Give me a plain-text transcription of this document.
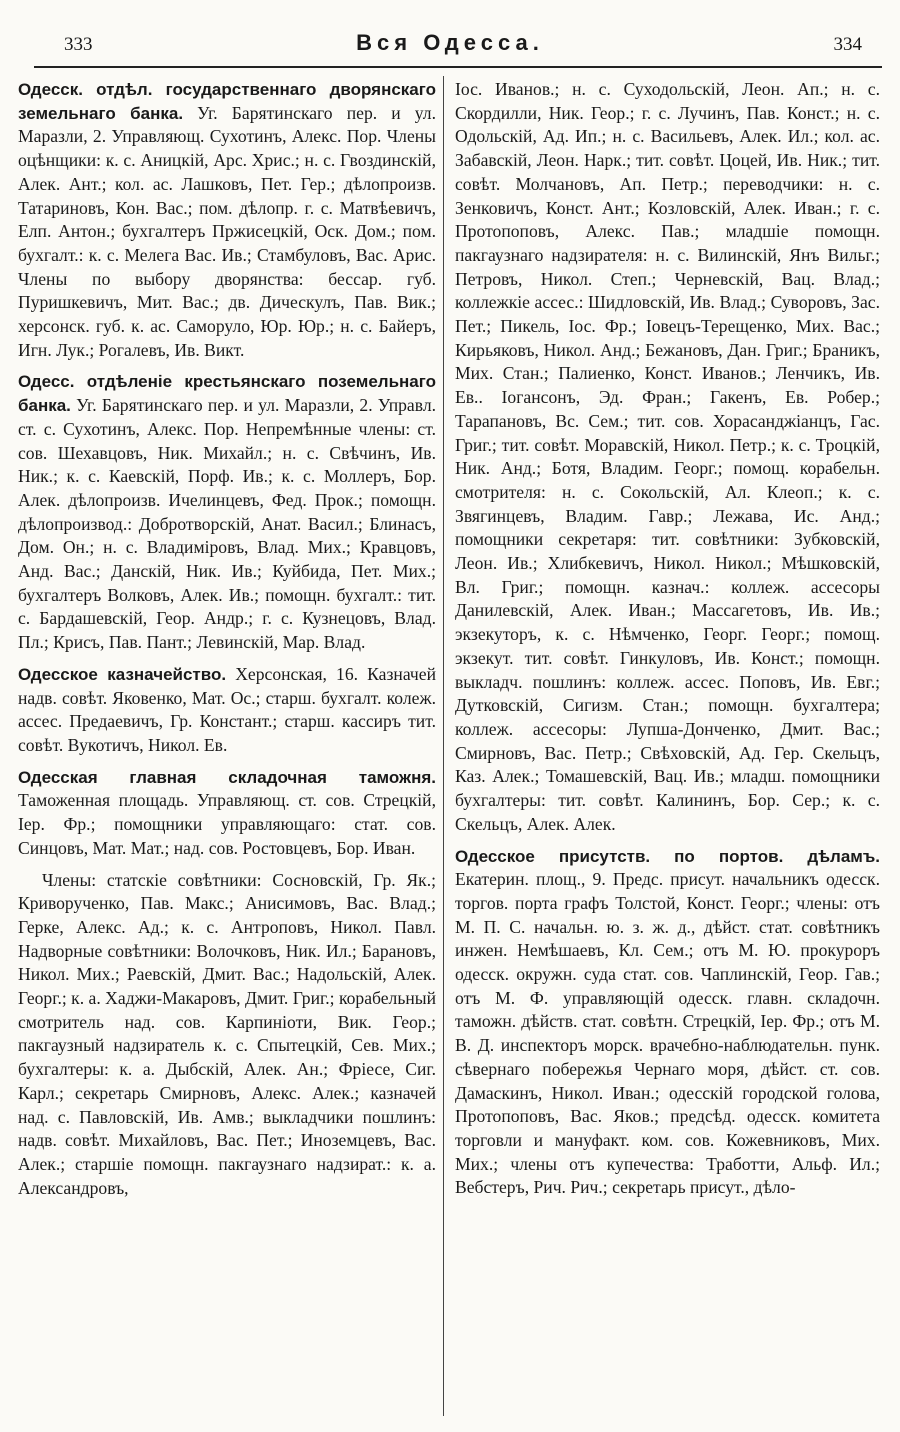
333	Вся Одесса.	334

Одесск. отдѣл. государственнаго дворянскаго земельнаго банка. Уг. Барятинскаго пер. и ул. Маразли, 2. Управляющ. Сухотинъ, Алекс. Пор. Члены оцѣнщики: к. с. Аницкій, Арс. Хрис.; н. с. Гвоздинскій, Алек. Ант.; кол. ас. Лашковъ, Пет. Гер.; дѣлопроизв. Татариновъ, Кон. Вас.; пом. дѣлопр. г. с. Матвѣевичъ, Елп. Антон.; бухгалтеръ Пржисецкій, Оск. Дом.; пом. бухгалт.: к. с. Мелега Вас. Ив.; Стамбуловъ, Вас. Арис. Члены по выбору дворянства: бессар. губ. Пуришкевичъ, Мит. Вас.; дв. Дическулъ, Пав. Вик.; херсонск. губ. к. ас. Саморуло, Юр. Юр.; н. с. Байеръ, Игн. Лук.; Рогалевъ, Ив. Викт.

Одесс. отдѣленіе крестьянскаго поземельнаго банка. Уг. Барятинскаго пер. и ул. Маразли, 2. Управл. ст. с. Сухотинъ, Алекс. Пор. Непремѣнные члены: ст. сов. Шехавцовъ, Ник. Михайл.; н. с. Свѣчинъ, Ив. Ник.; к. с. Каевскій, Порф. Ив.; к. с. Моллеръ, Бор. Алек. дѣлопроизв. Ичелинцевъ, Фед. Прок.; помощн. дѣлопроизвод.: Добротворскій, Анат. Васил.; Блинасъ, Дом. Он.; н. с. Владиміровъ, Влад. Мих.; Кравцовъ, Анд. Вас.; Данскій, Ник. Ив.; Куйбида, Пет. Мих.; бухгалтеръ Волковъ, Алек. Ив.; помощн. бухгалт.: тит. с. Бардашевскій, Геор. Андр.; г. с. Кузнецовъ, Влад. Пл.; Крисъ, Пав. Пант.; Левинскій, Мар. Влад.

Одесское казначейство. Херсонская, 16. Казначей надв. совѣт. Яковенко, Мат. Ос.; старш. бухгалт. колеж. ассес. Предаевичъ, Гр. Констант.; старш. кассиръ тит. совѣт. Вукотичъ, Никол. Ев.

Одесская главная складочная таможня. Таможенная площадь. Управляющ. ст. сов. Стрецкій, Іер. Фр.; помощники управляющаго: стат. сов. Синцовъ, Мат. Мат.; над. сов. Ростовцевъ, Бор. Иван.

Члены: статскіе совѣтники: Сосновскій, Гр. Як.; Криворученко, Пав. Макс.; Анисимовъ, Вас. Влад.; Герке, Алекс. Ад.; к. с. Антроповъ, Никол. Павл. Надворные совѣтники: Волочковъ, Ник. Ил.; Барановъ, Никол. Мих.; Раевскій, Дмит. Вас.; Надольскій, Алек. Георг.; к. а. Хаджи-Макаровъ, Дмит. Григ.; корабельный смотритель над. сов. Карпиніоти, Вик. Геор.; пакгаузный надзиратель к. с. Спытецкій, Сев. Мих.; бухгалтеры: к. а. Дыбскій, Алек. Ан.; Фріесе, Сиг. Карл.; секретарь Смирновъ, Алекс. Алек.; казначей над. с. Павловскій, Ив. Амв.; выкладчики пошлинъ: надв. совѣт. Михайловъ, Вас. Пет.; Иноземцевъ, Вас. Алек.; старшіе помощн. пакгаузнаго надзират.: к. а. Александровъ,

Іос. Иванов.; н. с. Суходольскій, Леон. Ап.; н. с. Скордилли, Ник. Геор.; г. с. Лучинъ, Пав. Конст.; н. с. Одольскій, Ад. Ип.; н. с. Васильевъ, Алек. Ил.; кол. ас. Забавскій, Леон. Нарк.; тит. совѣт. Цоцей, Ив. Ник.; тит. совѣт. Молчановъ, Ап. Петр.; переводчики: н. с. Зенковичъ, Конст. Ант.; Козловскій, Алек. Иван.; г. с. Протопоповъ, Алекс. Пав.; младшіе помощн. пакгаузнаго надзирателя: н. с. Вилинскій, Янъ Вильг.; Петровъ, Никол. Степ.; Черневскій, Вац. Влад.; коллежкіе ассес.: Шидловскій, Ив. Влад.; Суворовъ, Зас. Пет.; Пикель, Іос. Фр.; Іовецъ-Терещенко, Мих. Вас.; Кирьяковъ, Никол. Анд.; Бежановъ, Дан. Григ.; Браникъ, Мих. Стан.; Палиенко, Конст. Иванов.; Ленчикъ, Ив. Ев.. Іогансонъ, Эд. Фран.; Гакенъ, Ев. Робер.; Тарапановъ, Вс. Сем.; тит. сов. Хорасанджіанцъ, Гас. Григ.; тит. совѣт. Моравскій, Никол. Петр.; к. с. Троцкій, Ник. Анд.; Ботя, Владим. Георг.; помощ. корабельн. смотрителя: н. с. Сокольскій, Ал. Клеоп.; к. с. Звягинцевъ, Владим. Гавр.; Лежава, Ис. Анд.; помощники секретаря: тит. совѣтники: Зубковскій, Леон. Ив.; Хлибкевичъ, Никол. Никол.; Мѣшковскій, Вл. Григ.; помощн. казнач.: коллеж. ассесоры Данилевскій, Алек. Иван.; Массагетовъ, Ив. Ив.; экзекуторъ, к. с. Нѣмченко, Георг. Георг.; помощ. экзекут. тит. совѣт. Гинкуловъ, Ив. Конст.; помощн. выкладч. пошлинъ: коллеж. ассес. Поповъ, Ив. Евг.; Дутковскій, Сигизм. Стан.; помощн. бухгалтера; коллеж. ассесоры: Лупша-Донченко, Дмит. Вас.; Смирновъ, Вас. Петр.; Свѣховскій, Ад. Гер. Скельцъ, Каз. Алек.; Томашевскій, Вац. Ив.; младш. помощники бухгалтеры: тит. совѣт. Калининъ, Бор. Сер.; к. с. Скельцъ, Алек. Алек.

Одесское присутств. по портов. дѣламъ. Екатерин. площ., 9. Предс. присут. начальникъ одесск. торгов. порта графъ Толстой, Конст. Георг.; члены: отъ М. П. С. начальн. ю. з. ж. д., дѣйст. стат. совѣтникъ инжен. Немѣшаевъ, Кл. Сем.; отъ М. Ю. прокуроръ одесск. окружн. суда стат. сов. Чаплинскій, Геор. Гав.; отъ М. Ф. управляющій одесск. главн. складочн. таможн. дѣйств. стат. совѣтн. Стрецкій, Іер. Фр.; отъ М. В. Д. инспекторъ морск. врачебно-наблюдательн. пунк. сѣвернаго побережья Чернаго моря, дѣйст. ст. сов. Дамаскинъ, Никол. Иван.; одесскій городской голова, Протопоповъ, Вас. Яков.; предсѣд. одесск. комитета торговли и мануфакт. ком. сов. Кожевниковъ, Мих. Мих.; члены отъ купечества: Тработти, Альф. Ил.; Вебстеръ, Рич. Рич.; секретарь присут., дѣло-
